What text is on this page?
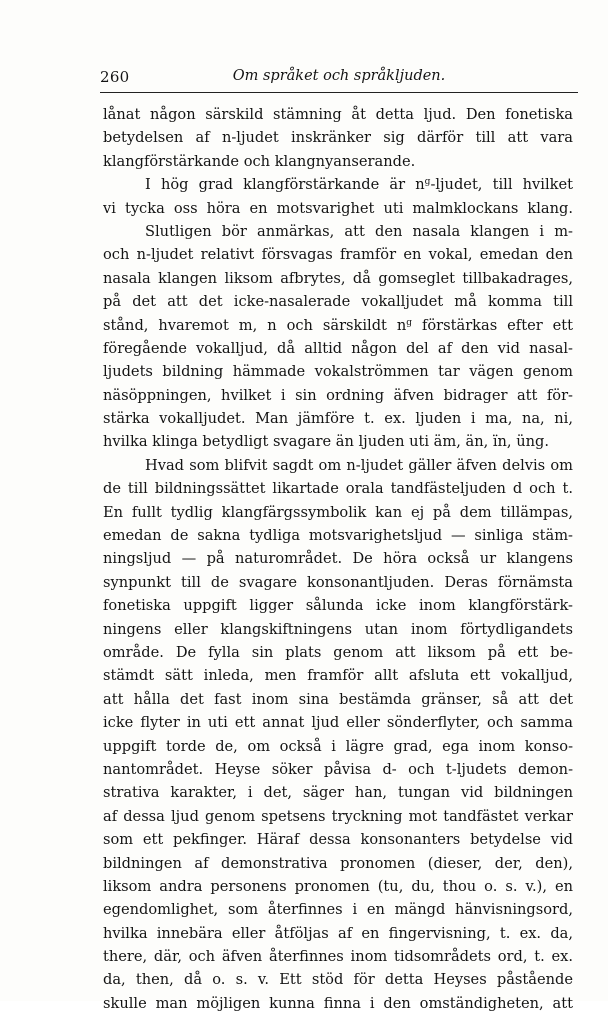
260	Om språket och språkljuden.
lånat någon särskild stämning åt detta ljud. Den fonetiska
betydelsen af n-ljudet inskränker sig därför till att vara
klangförstärkande och klangnyanserande.
I hög grad klangförstärkande är $n^g$-ljudet, till hvilket
vi tycka oss höra en motsvarighet uti malmklockans klang.
Slutligen bör anmärkas, att den nasala klangen i m-
och n-ljudet relativt försvagas framför en vokal, emedan den
nasala klangen liksom afbrytes, då gomseglet tillbakadrages,
på det att det icke-nasalerade vokalljudet må komma till
stånd, hvaremot m, n och särskildt $n^g$ förstärkas efter ett
föregående vokalljud, då alltid någon del af den vid nasal-
ljudets bildning hämmade vokalströmmen tar vägen genom
näsöppningen, hvilket i sin ordning äfven bidrager att för-
stärka vokalljudet. Man jämföre t. ex. ljuden i ma, na, ni,
hvilka klinga betydligt svagare än ljuden uti äm, än, ïn, üng.
Hvad som blifvit sagdt om n-ljudet gäller äfven delvis om
de till bildningssättet likartade orala tandfästeljuden d och t.
En fullt tydlig klangfärgssymbolik kan ej på dem tillämpas,
emedan de sakna tydliga motsvarighetsljud — sinliga stäm-
ningsljud — på naturområdet. De höra också ur klangens
synpunkt till de svagare konsonantljuden. Deras förnämsta
fonetiska uppgift ligger sålunda icke inom klangförstärk-
ningens eller klangskiftningens utan inom förtydligandets
område. De fylla sin plats genom att liksom på ett be-
stämdt sätt inleda, men framför allt afsluta ett vokalljud,
att hålla det fast inom sina bestämda gränser, så att det
icke flyter in uti ett annat ljud eller sönderflyter, och samma
uppgift torde de, om också i lägre grad, ega inom konso-
nantområdet. Heyse söker påvisa d- och t-ljudets demon-
strativa karakter, i det, säger han, tungan vid bildningen
af dessa ljud genom spetsens tryckning mot tandfästet verkar
som ett pekfinger. Häraf dessa konsonanters betydelse vid
bildningen af demonstrativa pronomen (dieser, der, den),
liksom andra personens pronomen (tu, du, thou o. s. v.), en
egendomlighet, som återfinnes i en mängd hänvisningsord,
hvilka innebära eller åtföljas af en fingervisning, t. ex. da,
there, där, och äfven återfinnes inom tidsområdets ord, t. ex.
da, then, då o. s. v. Ett stöd för detta Heyses påstående
skulle man möjligen kunna finna i den omständigheten, att
